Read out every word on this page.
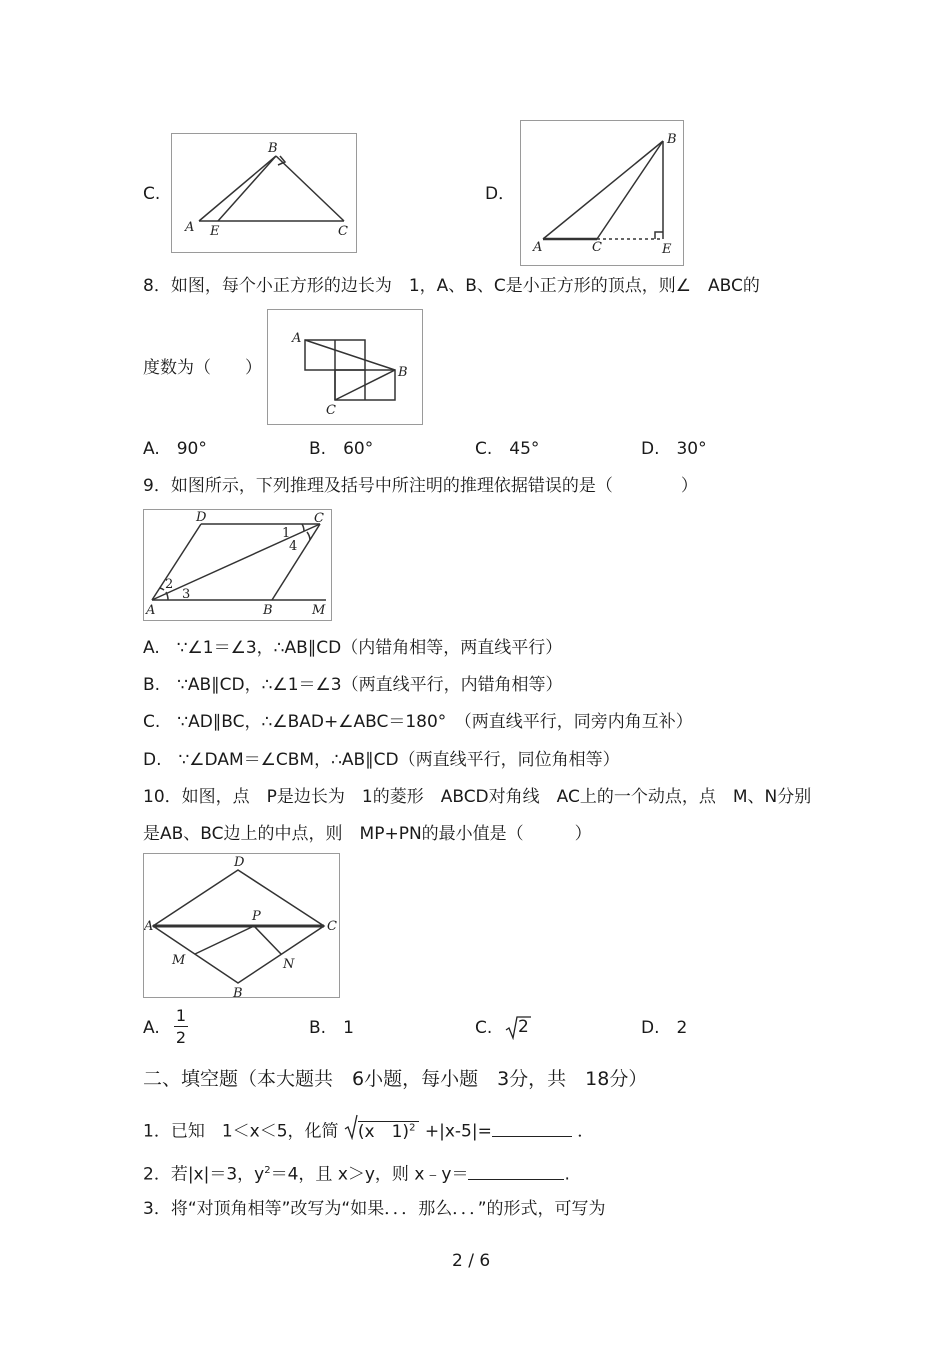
C.
A E
B
C
D．
A	C
B
E
8．如图，每个小正方形的边长为　1，A、B、C是小正方形的顶点，则∠　ABC的
度数为（　　）
A
B
C
A.　90°	B.　60°	C.　45°	D.　30°
9．如图所示，下列推理及括号中所注明的推理依据错误的是（　　　　）
D	C
A	B	M
1
2
3
4
A.　∵∠1＝∠3，∴AB∥CD（内错角相等，两直线平行）
B.　∵AB∥CD，∴∠1＝∠3（两直线平行，内错角相等）
C.　∵AD∥BC，∴∠BAD+∠ABC＝180°　（两直线平行，同旁内角互补）
D.　∵∠DAM＝∠CBM，∴AB∥CD（两直线平行，同位角相等）
10．如图，点　P是边长为　1的菱形　ABCD对角线　AC上的一个动点，点　M、N分别
是AB、BC边上的中点，则　MP+PN的最小值是（　　　）
D
A	C
P
M	N
B
A.
1
2	B.　1	C. 2	D.　2
二、填空题（本大题共　6小题，每小题　3分，共　18分）
1．已知　1＜x＜5，化简 (x　1)$^2$ +|x-5|=	．
2．若|x|＝3，$y^2=4$，且 x＞y，则 x﹣y＝	.
3．将“对顶角相等”改写为“如果．．．那么．．．”的形式，可写为
2 / 6
